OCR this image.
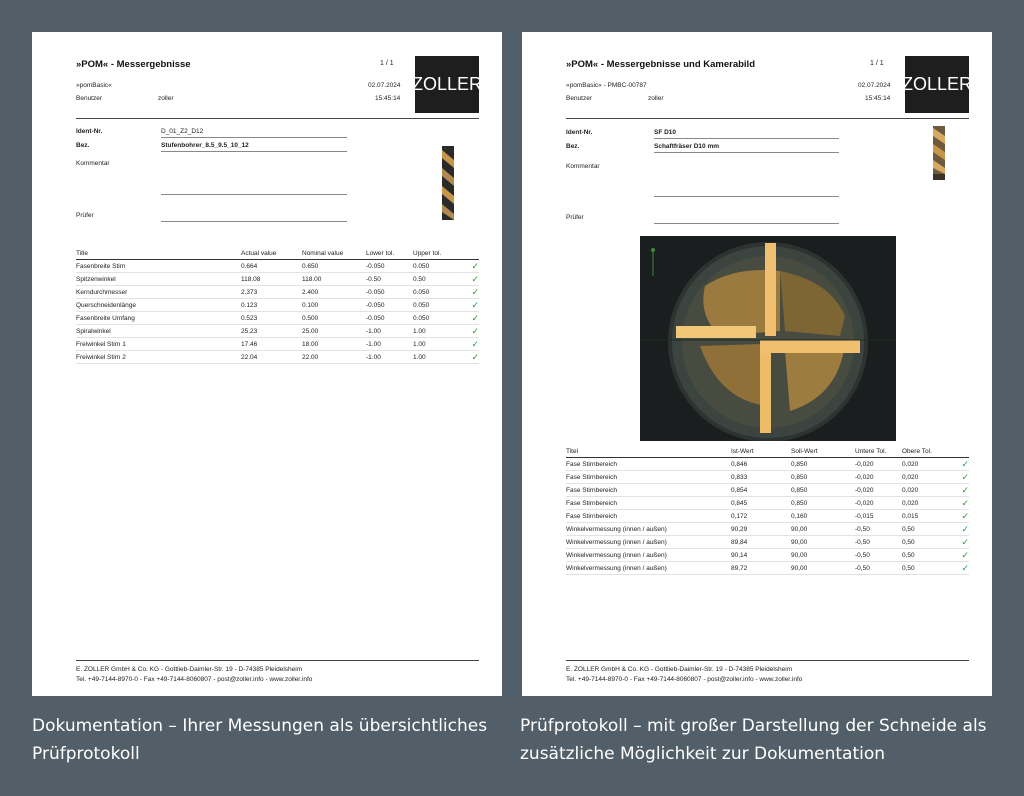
»POM« - Messergebnisse	1 / 1
»pomBasic«	02.07.2024
Benutzer	zoller	15:45:14
ZOLLER
Ident-Nr.	D_01_Z2_D12
Bez.	Stufenbohrer_8.5_9.5_10_12
Kommentar
Prüfer
Title	Actual value	Nominal value	Lower tol.	Upper tol.	
Fasenbreite Stirn	0.664	0.650	-0.050	0.050	✓
Spitzenwinkel	118.08	118.00	-0.50	0.50	✓
Kerndurchmesser	2.373	2.400	-0.050	0.050	✓
Querschneidenlänge	0.123	0.100	-0.050	0.050	✓
Fasenbreite Umfang	0.523	0.500	-0.050	0.050	✓
Spiralwinkel	25.23	25.00	-1.00	1.00	✓
Freiwinkel Stirn 1	17.46	18.00	-1.00	1.00	✓
Freiwinkel Stirn 2	22.04	22.00	-1.00	1.00	✓
E. ZOLLER GmbH & Co. KG - Gottlieb-Daimler-Str. 19 - D-74385 Pleidelsheim
Tel. +49-7144-8970-0 - Fax +49-7144-8060807 - post@zoller.info - www.zoller.info
»POM« - Messergebnisse und Kamerabild	1 / 1
»pomBasic« - PMBC-00787	02.07.2024
Benutzer	zoller	15:45:14
ZOLLER
Ident-Nr.	SF D10
Bez.	Schaftfräser D10 mm
Kommentar
Prüfer
Titel	Ist-Wert	Soll-Wert	Untere Tol.	Obere Tol.	
Fase Stirnbereich	0,846	0,850	-0,020	0,020	✓
Fase Stirnbereich	0,833	0,850	-0,020	0,020	✓
Fase Stirnbereich	0,854	0,850	-0,020	0,020	✓
Fase Stirnbereich	0,845	0,850	-0,020	0,020	✓
Fase Stirnbereich	0,172	0,160	-0,015	0,015	✓
Winkelvermessung (innen / außen)	90,29	90,00	-0,50	0,50	✓
Winkelvermessung (innen / außen)	89,84	90,00	-0,50	0,50	✓
Winkelvermessung (innen / außen)	90,14	90,00	-0,50	0,50	✓
Winkelvermessung (innen / außen)	89,72	90,00	-0,50	0,50	✓
E. ZOLLER GmbH & Co. KG - Gottlieb-Daimler-Str. 19 - D-74385 Pleidelsheim
Tel. +49-7144-8970-0 - Fax +49-7144-8060807 - post@zoller.info - www.zoller.info
Dokumentation – Ihrer Messungen als übersichtliches Prüfprotokoll
Prüfprotokoll – mit großer Darstellung der Schneide als zusätzliche Möglichkeit zur Dokumentation
